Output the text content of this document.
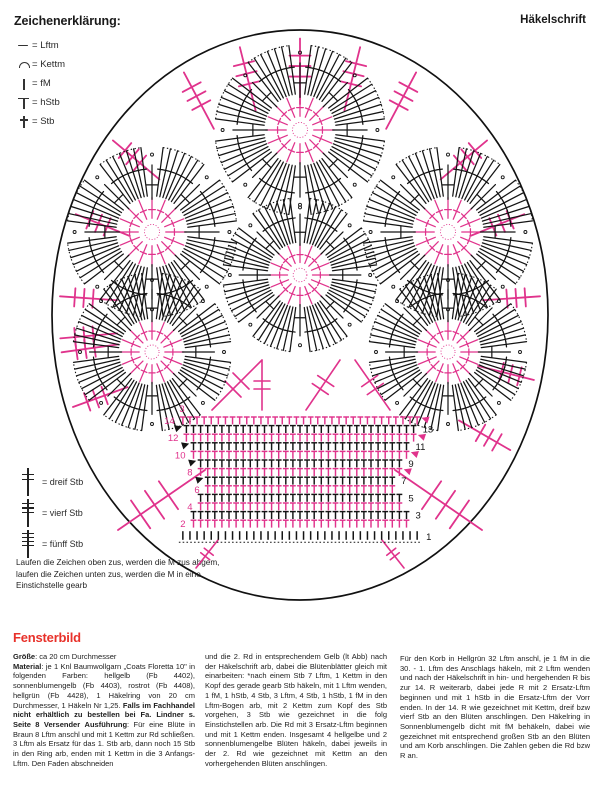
Zeichenerklärung:	Häkelschrift
= Lftm
= Kettm
= fM
= hStb
= Stb
= dreif Stb
= vierf Stb
= fünff Stb
Laufen die Zeichen oben zus, werden die M zus abgem, laufen die Zeichen unten zus, werden die M in eine Einstichstelle gearb
14
12
10
8
6
4
2
13
11
9
7
5
3
1
3
Fensterbild
Größe: ca 20 cm Durchmesser
Material: je 1 Knl Baumwollgarn „Coats Floretta 10" in folgenden Farben: hellgelb (Fb 4402), sonnenblumengelb (Fb 4403), rostrot (Fb 4408), hellgrün (Fb 4428), 1 Häkelring von 20 cm Durchmesser, 1 Häkeln Nr 1,25. Falls im Fachhandel nicht erhältlich zu bestellen bei Fa. Lindner s. Seite 8 Versender Ausführung: Für eine Blüte in Braun 8 Lftm anschl und mit 1 Kettm zur Rd schließen. 3 Lftm als Ersatz für das 1. Stb arb, dann noch 15 Stb in den Ring arb, enden mit 1 Kettm in die 3 Anfangs-Lftm. Den Faden abschneiden
und die 2. Rd in entsprechendem Gelb (lt Abb) nach der Häkelschrift arb, dabei die Blütenblätter gleich mit einarbeiten: *nach einem Stb 7 Lftm, 1 Kettm in den Kopf des gerade gearb Stb häkeln, mit 1 Lftm wenden, 1 fM, 1 hStb, 4 Stb, 3 Lftm, 4 Stb, 1 hStb, 1 fM in den Lftm-Bogen arb, mit 2 Kettm zum Kopf des Stb vorgehen, 3 Stb wie gezeichnet in die folg Einstichstellen arb. Die Rd mit 3 Ersatz-Lftm beginnen und mit 1 Kettm enden. Insgesamt 4 hellgelbe und 2 sonnenblumengelbe Blüten häkeln, dabei jeweils in der 2. Rd wie gezeichnet mit Kettm an den vorhergehenden Blüten anschlingen.
Für den Korb in Hellgrün 32 Lftm anschl, je 1 fM in die 30. - 1. Lftm des Anschlags häkeln, mit 2 Lftm wenden und nach der Häkelschrift in hin- und hergehenden R bis zur 14. R weiterarb, dabei jede R mit 2 Ersatz-Lftm beginnen und mit 1 hStb in die Ersatz-Lftm der Vorr enden. In der 14. R wie gezeichnet mit Kettm, dreif bzw vierf Stb an den Blüten anschlingen. Den Häkelring in Sonnenblumengelb dicht mit fM behäkeln, dabei wie gezeichnet mit entsprechend großen Stb an den Blüten und am Korb anschlingen. Die Zahlen geben die Rd bzw R an.
